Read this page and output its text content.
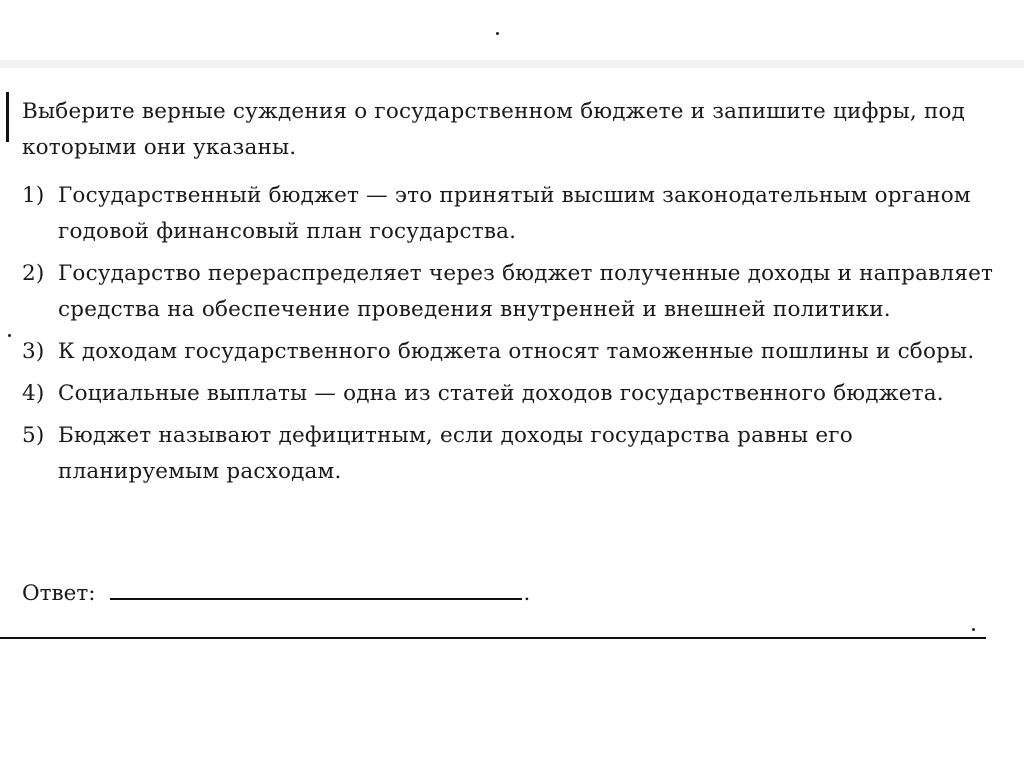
Выберите верные суждения о государственном бюджете и запишите цифры, под которыми они указаны.

1) Государственный бюджет — это принятый высшим законодательным органом годовой финансовый план государства.
2) Государство перераспределяет через бюджет полученные доходы и направляет средства на обеспечение проведения внутренней и внешней политики.
3) К доходам государственного бюджета относят таможенные пошлины и сборы.
4) Социальные выплаты — одна из статей доходов государственного бюджета.
5) Бюджет называют дефицитным, если доходы государства равны его планируемым расходам.
Ответ:	.
